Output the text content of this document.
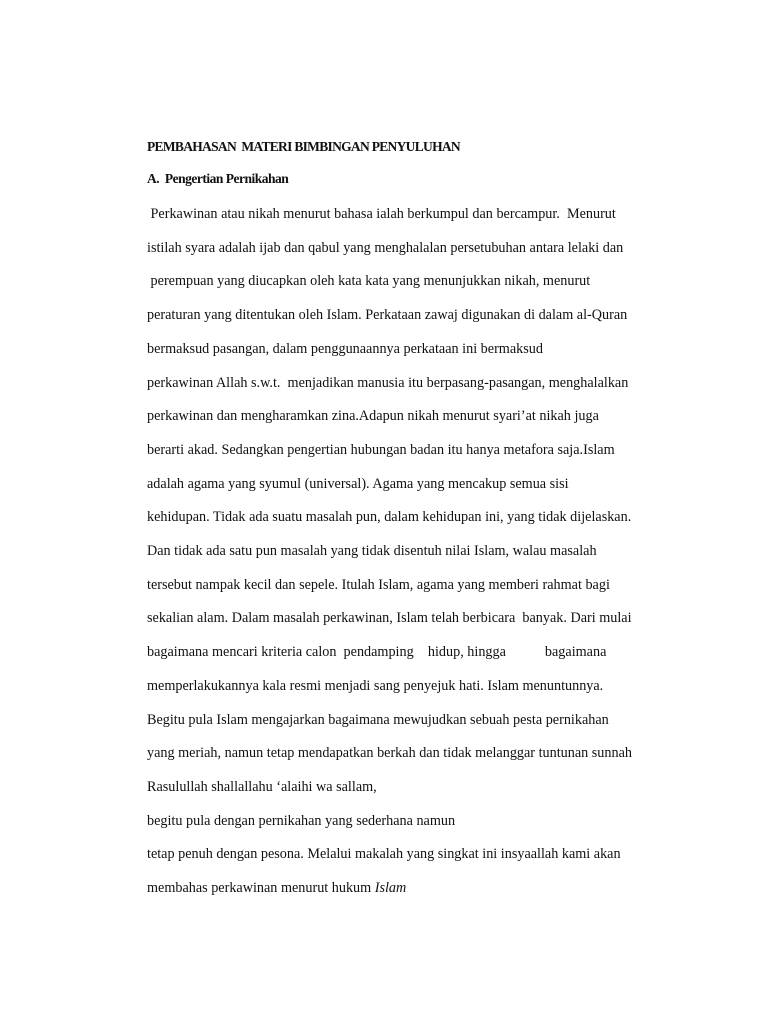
PEMBAHASAN  MATERI BIMBINGAN PENYULUHAN
A.  Pengertian Pernikahan
Perkawinan atau nikah menurut bahasa ialah berkumpul dan bercampur.  Menurut
istilah syara adalah ijab dan qabul yang menghalalan persetubuhan antara lelaki dan
perempuan yang diucapkan oleh kata kata yang menunjukkan nikah, menurut
peraturan yang ditentukan oleh Islam. Perkataan zawaj digunakan di dalam al-Quran
bermaksud pasangan, dalam penggunaannya perkataan ini bermaksud
perkawinan Allah s.w.t.  menjadikan manusia itu berpasang-pasangan, menghalalkan
perkawinan dan mengharamkan zina.Adapun nikah menurut syari’at nikah juga
berarti akad. Sedangkan pengertian hubungan badan itu hanya metafora saja.Islam
adalah agama yang syumul (universal). Agama yang mencakup semua sisi
kehidupan. Tidak ada suatu masalah pun, dalam kehidupan ini, yang tidak dijelaskan.
Dan tidak ada satu pun masalah yang tidak disentuh nilai Islam, walau masalah
tersebut nampak kecil dan sepele. Itulah Islam, agama yang memberi rahmat bagi
sekalian alam. Dalam masalah perkawinan, Islam telah berbicara  banyak. Dari mulai
bagaimana mencari kriteria calon  pendamping    hidup, hingga           bagaimana
memperlakukannya kala resmi menjadi sang penyejuk hati. Islam menuntunnya.
Begitu pula Islam mengajarkan bagaimana mewujudkan sebuah pesta pernikahan
yang meriah, namun tetap mendapatkan berkah dan tidak melanggar tuntunan sunnah
Rasulullah shallallahu ‘alaihi wa sallam,
begitu pula dengan pernikahan yang sederhana namun
tetap penuh dengan pesona. Melalui makalah yang singkat ini insyaallah kami akan
membahas perkawinan menurut hukum Islam
